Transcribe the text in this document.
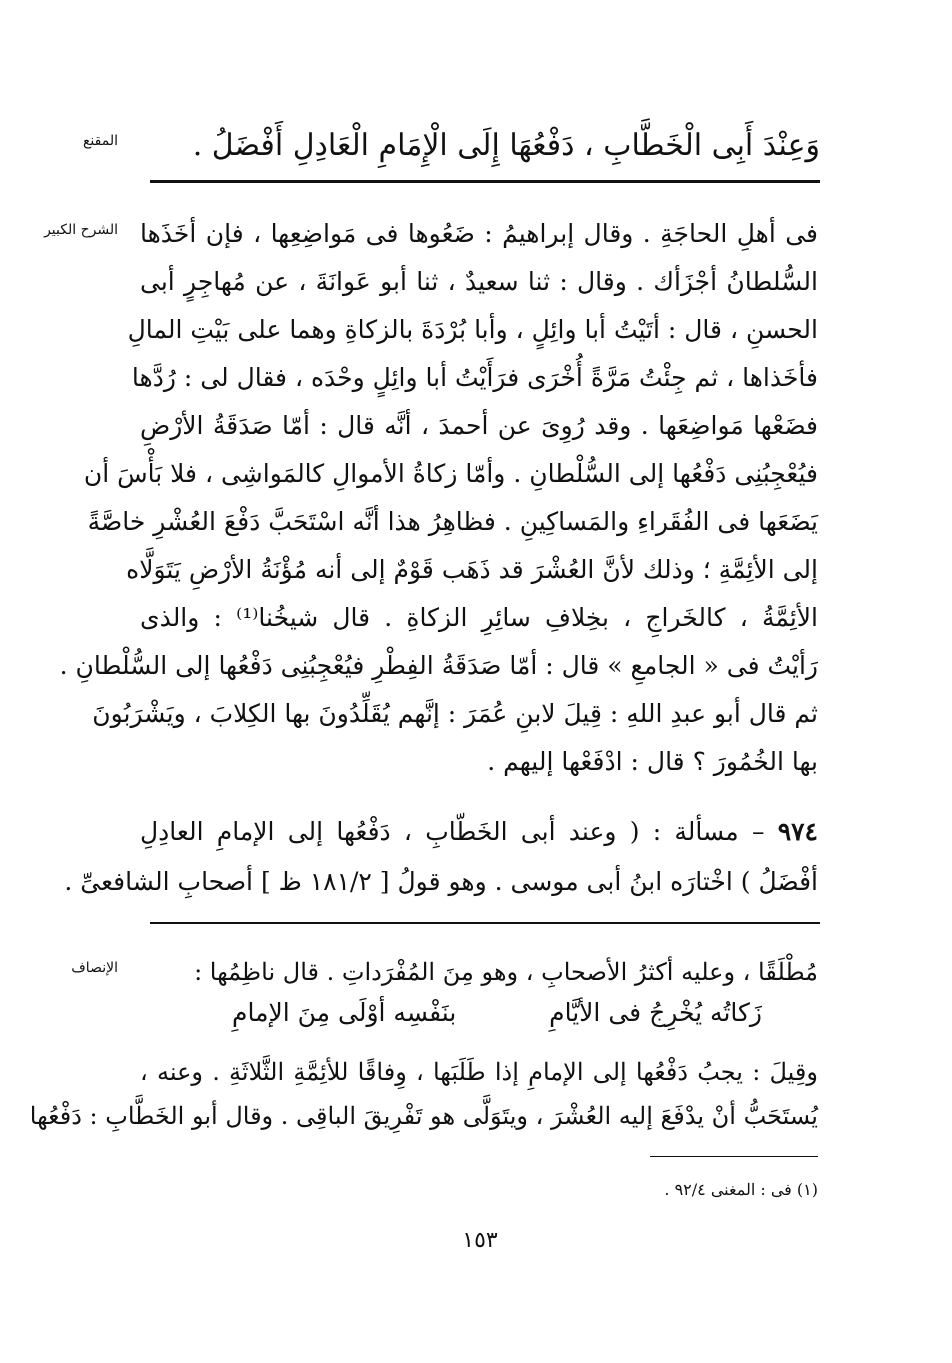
المقنع وَعِنْدَ أَبِى الْخَطَّابِ ، دَفْعُهَا إِلَى الْإِمَامِ الْعَادِلِ أَفْضَلُ .
الشرح الكبير فى أهلِ الحاجَةِ . وقال إبراهيمُ : ضَعُوها فى مَواضِعِها ، فإن أخَذَها
السُّلطانُ أجْزَأك . وقال : ثنا سعيدٌ ، ثنا أبو عَوانَةَ ، عن مُهاجِرٍ أبى
الحسنِ ، قال : أتَيْتُ أبا وائِلٍ ، وأبا بُرْدَةَ بالزكاةِ وهما على بَيْتِ المالِ
فأخَذاها ، ثم جِئْتُ مَرَّةً أُخْرَى فرَأَيْتُ أبا وائِلٍ وحْدَه ، فقال لى : رُدَّها
فضَعْها مَواضِعَها . وقد رُوِىَ عن أحمدَ ، أنَّه قال : أمّا صَدَقَةُ الأرْضِ
فيُعْجِبُنِى دَفْعُها إلى السُّلْطانِ . وأمّا زكاةُ الأموالِ كالمَواشِى ، فلا بَأْسَ أن
يَضَعَها فى الفُقَراءِ والمَساكِينِ . فظاهِرُ هذا أنَّه اسْتَحَبَّ دَفْعَ العُشْرِ خاصَّةً
إلى الأئِمَّةِ ؛ وذلك لأنَّ العُشْرَ قد ذَهَب قَوْمٌ إلى أنه مُؤْنَةُ الأرْضِ يَتَوَلَّاه
الأئِمَّةُ ، كالخَراجِ ، بخِلافِ سائِرِ الزكاةِ . قال شيخُنا⁽¹⁾ : والذى
رَأيْتُ فى « الجامعِ » قال : أمّا صَدَقَةُ الفِطْرِ فيُعْجِبُنِى دَفْعُها إلى السُّلْطانِ .
ثم قال أبو عبدِ اللهِ : قِيلَ لابنِ عُمَرَ : إنَّهم يُقَلِّدُونَ بها الكِلابَ ، ويَشْرَبُونَ
بها الخُمُورَ ؟ قال : ادْفَعْها إليهم .
٩٧٤ – مسألة : ( وعند أبى الخَطّابِ ، دَفْعُها إلى الإمامِ العادِلِ
أفْضَلُ ) اخْتارَه ابنُ أبى موسى . وهو قولُ [ ١٨١/٢ ظ ] أصحابِ الشافعىِّ .
الإنصاف	مُطْلَقًا ، وعليه أكثرُ الأصحابِ ، وهو مِنَ المُفْرَداتِ . قال ناظِمُها :
زَكاتُه يُخْرِجُ فى الأيَّامِ
بنَفْسِه أوْلَى مِنَ الإمامِ
وقِيلَ : يجبُ دَفْعُها إلى الإمامِ إذا طَلَبَها ، وِفاقًا للأئِمَّةِ الثَّلاثَةِ . وعنه ،
يُستَحَبُّ أنْ يدْفَعَ إليه العُشْرَ ، ويتَوَلَّى هو تَفْرِيقَ الباقِى . وقال أبو الخَطَّابِ : دَفْعُها
(١) فى : المغنى ٩٢/٤ .
١٥٣
